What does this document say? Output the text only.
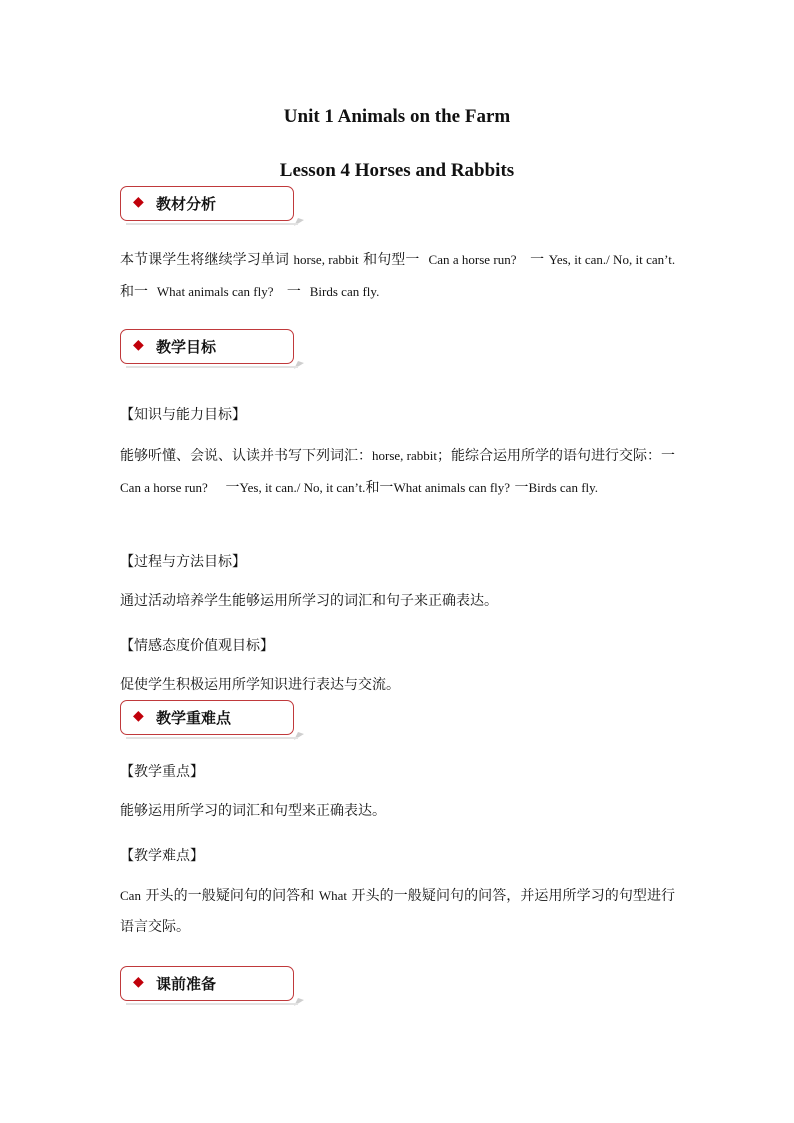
Unit 1 Animals on the Farm
Lesson 4 Horses and Rabbits
◆ 教材分析
本节课学生将继续学习单词 horse, rabbit 和句型一 Can a horse run? 一 Yes, it can./ No, it can’t. 和一 What animals can fly? 一 Birds can fly.
◆ 教学目标
【知识与能力目标】
能够听懂、会说、认读并书写下列词汇：horse, rabbit；能综合运用所学的语句进行交际：一Can a horse run? 一Yes, it can./ No, it can’t.和一What animals can fly? 一Birds can fly.
【过程与方法目标】
通过活动培养学生能够运用所学习的词汇和句子来正确表达。
【情感态度价值观目标】
促使学生积极运用所学知识进行表达与交流。
◆ 教学重难点
【教学重点】
能够运用所学习的词汇和句型来正确表达。
【教学难点】
Can 开头的一般疑问句的问答和 What 开头的一般疑问句的问答，并运用所学习的句型进行语言交际。
◆ 课前准备
